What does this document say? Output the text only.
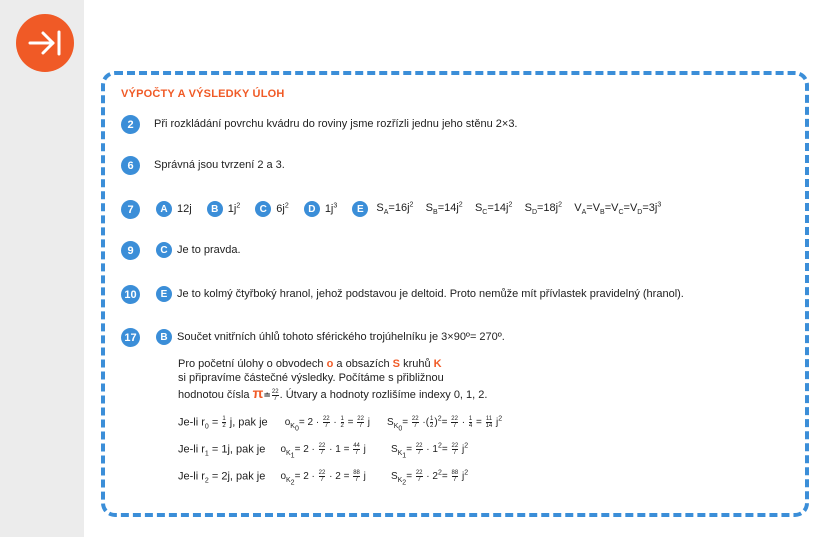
VÝPOČTY A VÝSLEDKY ÚLOH
2	Při rozkládání povrchu kvádru do roviny jsme rozřízli jednu jeho stěnu 2×3.
6	Správná jsou tvrzení 2 a 3.
7	A 12j B $1j^2$ C $6j^2$ D $1j^3$ E $S_A=16j^2$ $S_B=14j^2$ $S_C=14j^2$ $S_D=18j^2$ $V_A=V_B=V_C=V_D=3j^3$
9	C Je to pravda.
10	E Je to kolmý čtyřboký hranol, jehož podstavou je deltoid. Proto nemůže mít přívlastek pravidelný (hranol).
17	B Součet vnitřních úhlů tohoto sférického trojúhelníku je 3×90º= 270º.
Pro početní úlohy o obvodech o a obsazích S kruhů K
si připravíme částečné výsledky. Počítáme s přibližnou
hodnotou čísla π≐ $\frac{22}{7}$ . Útvary a hodnoty rozlišíme indexy 0, 1, 2.
Je-li $r_0 = \frac{1}{2} j$, pak je $o_{K_0}= 2 \cdot \frac{22}{7} \cdot \frac{1}{2} = \frac{22}{7}$ j $S_{K_0}= \frac{22}{7}$ ·( $\frac{1}{2} )^2= \frac{22}{7} \cdot \frac{1}{4} = \frac{11}{14} j^2$
Je-li $r_1 = 1j$, pak je $o_{K_1}= 2 \cdot \frac{22}{7} \cdot 1 = \frac{44}{7}$ j	$S_{K_1}= \frac{22}{7} \cdot 1^2= \frac{22}{7} j^2$
Je-li $r_2 = 2j$, pak je $o_{K_2}= 2 \cdot \frac{22}{7} \cdot 2 = \frac{88}{7}$ j	$S_{K_2}= \frac{22}{7} \cdot 2^2= \frac{88}{7} j^2$
